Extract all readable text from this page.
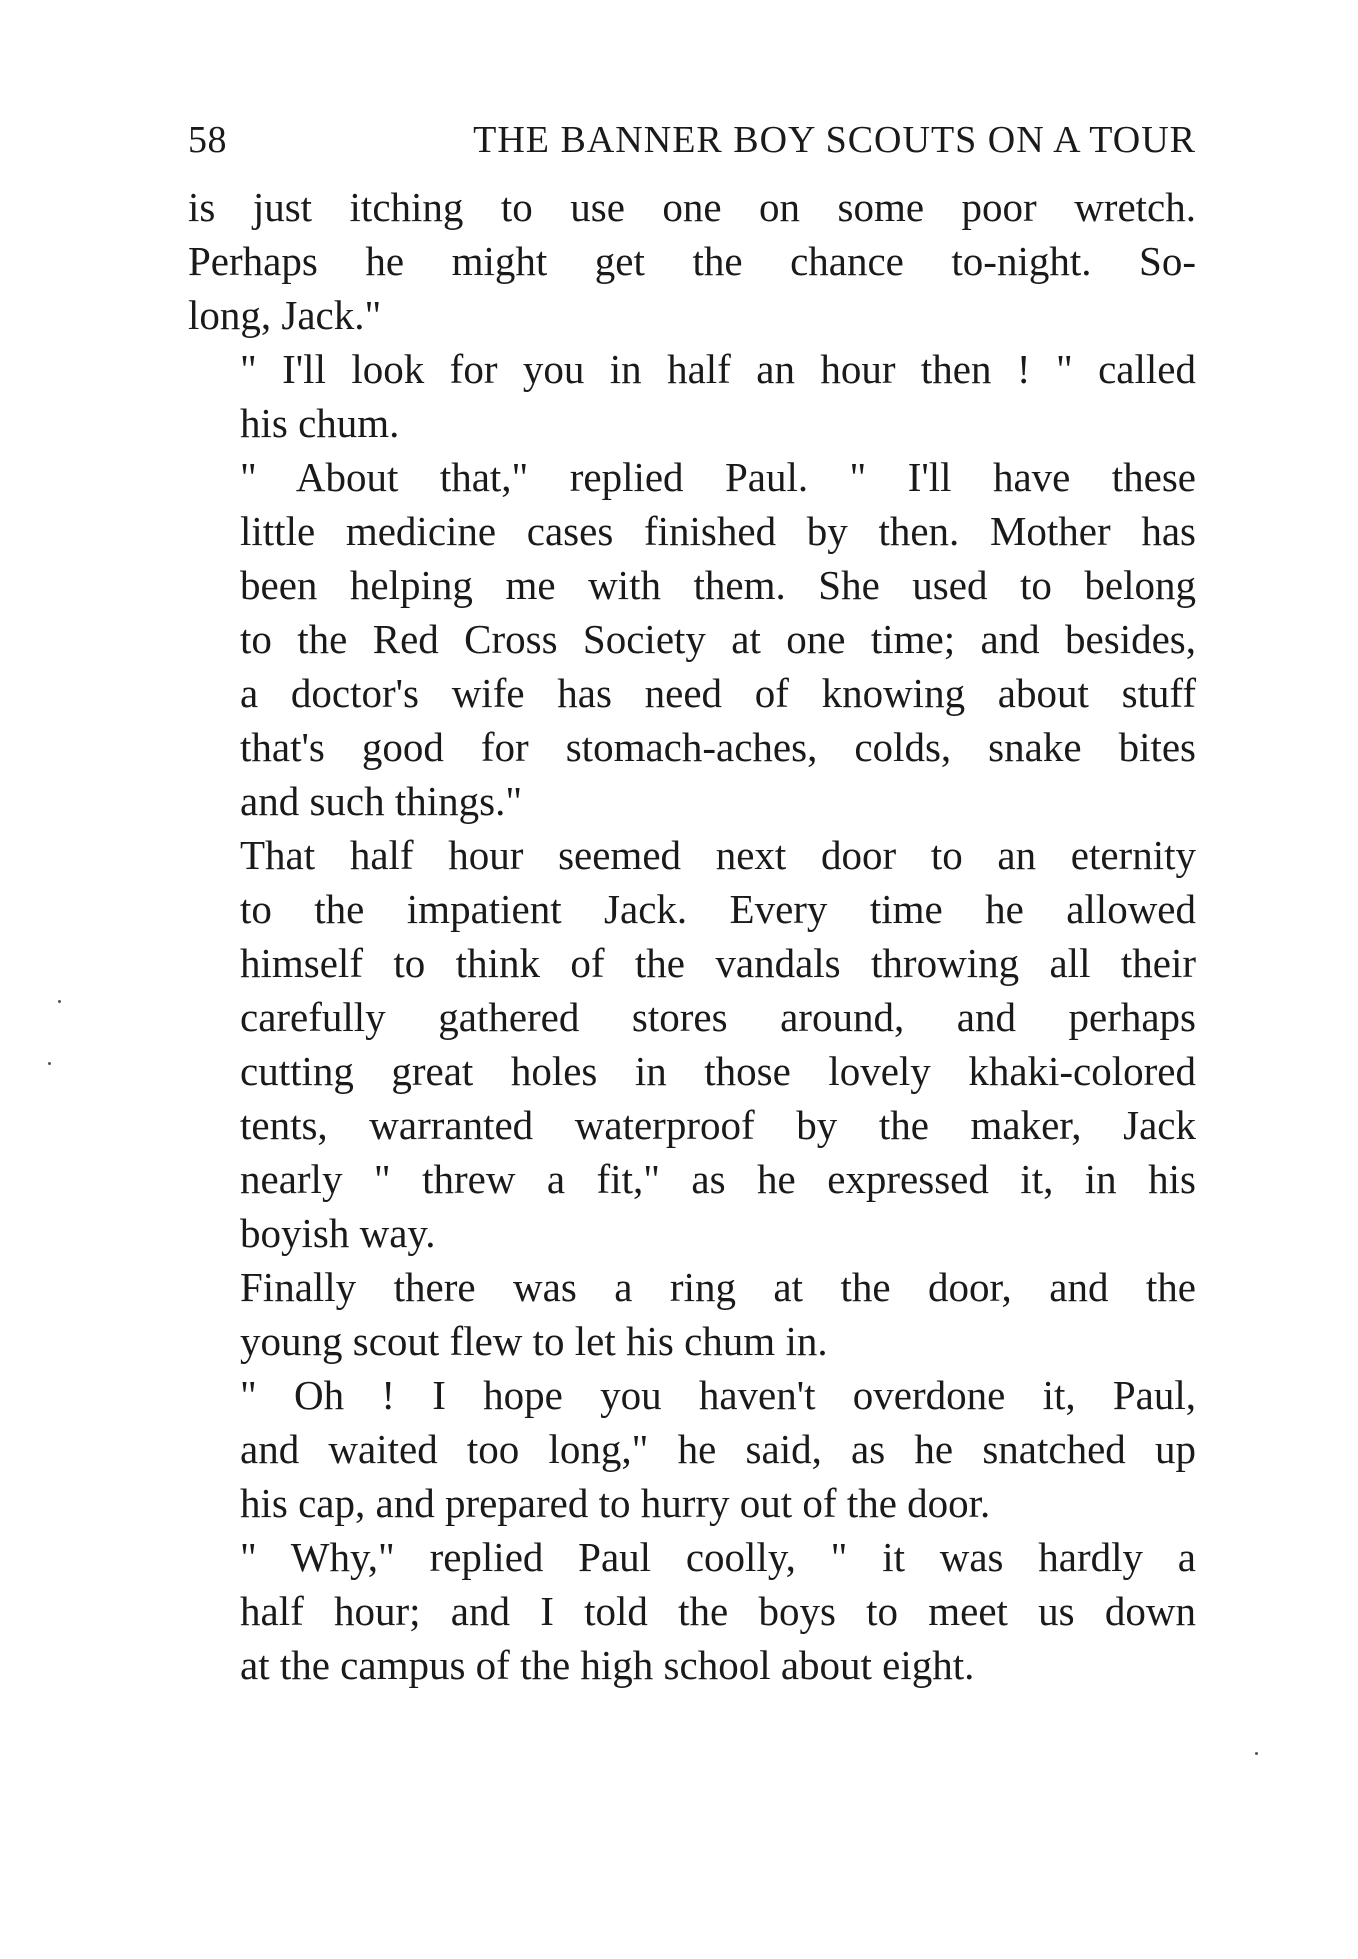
58	THE BANNER BOY SCOUTS ON A TOUR

is just itching to use one on some poor wretch.
Perhaps he might get the chance to-night. So-
long, Jack."

" I'll look for you in half an hour then ! " called
his chum.

" About that," replied Paul. " I'll have these
little medicine cases finished by then. Mother has
been helping me with them. She used to belong
to the Red Cross Society at one time; and besides,
a doctor's wife has need of knowing about stuff
that's good for stomach-aches, colds, snake bites
and such things."

That half hour seemed next door to an eternity
to the impatient Jack. Every time he allowed
himself to think of the vandals throwing all their
carefully gathered stores around, and perhaps
cutting great holes in those lovely khaki-colored
tents, warranted waterproof by the maker, Jack
nearly " threw a fit," as he expressed it, in his
boyish way.

Finally there was a ring at the door, and the
young scout flew to let his chum in.

" Oh ! I hope you haven't overdone it, Paul,
and waited too long," he said, as he snatched up
his cap, and prepared to hurry out of the door.

" Why," replied Paul coolly, " it was hardly a
half hour; and I told the boys to meet us down
at the campus of the high school about eight.
